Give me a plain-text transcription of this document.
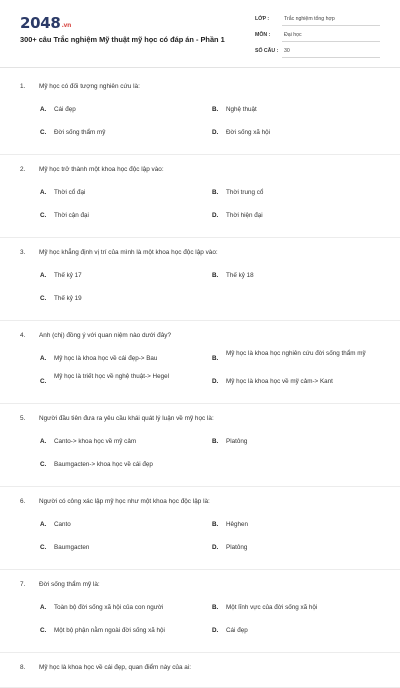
2048.vn
300+ câu Trắc nghiệm Mỹ thuật mỹ học có đáp án - Phần 1
LỚP :	Trắc nghiệm tổng hợp
MÔN :	Đại học
SỐ CÂU : 30
1. Mỹ học có đối tượng nghiên cứu là:
A. Cái đẹp	B. Nghệ thuật
C. Đời sống thẩm mỹ	D. Đời sống xã hội
2. Mỹ học trở thành một khoa học độc lập vào:
A. Thời cổ đại	B. Thời trung cổ
C. Thời cận đại	D. Thời hiện đại
3. Mỹ học khẳng định vị trí của mình là một khoa học độc lập vào:
A. Thế kỷ 17	B. Thế kỷ 18
C. Thế kỷ 19
4. Anh (chị) đồng ý với quan niệm nào dưới đây?
A. Mỹ học là khoa học về cái đẹp-> Bau	B.
Mỹ học là khoa học nghiên cứu đời sống thẩm mỹ
C.
Mỹ học là triết học về nghệ thuật-> Hegel
D. Mỹ học là khoa học về mỹ cảm-> Kant
5. Người đầu tiên đưa ra yêu cầu khái quát lý luận về mỹ học là:
A. Canto-> khoa học về mỹ cảm	B. Platông
C. Baumgacten-> khoa học về cái đẹp
6. Người có công xác lập mỹ học như một khoa học độc lập là:
A. Canto	B. Hêghen
C. Baumgacten	D. Platông
7. Đời sống thẩm mỹ là:
A. Toàn bộ đời sống xã hội của con người	B. Một lĩnh vực của đời sống xã hội
C. Một bộ phận nằm ngoài đời sống xã hội	D. Cái đẹp
8. Mỹ học là khoa học về cái đẹp, quan điểm này của ai:
